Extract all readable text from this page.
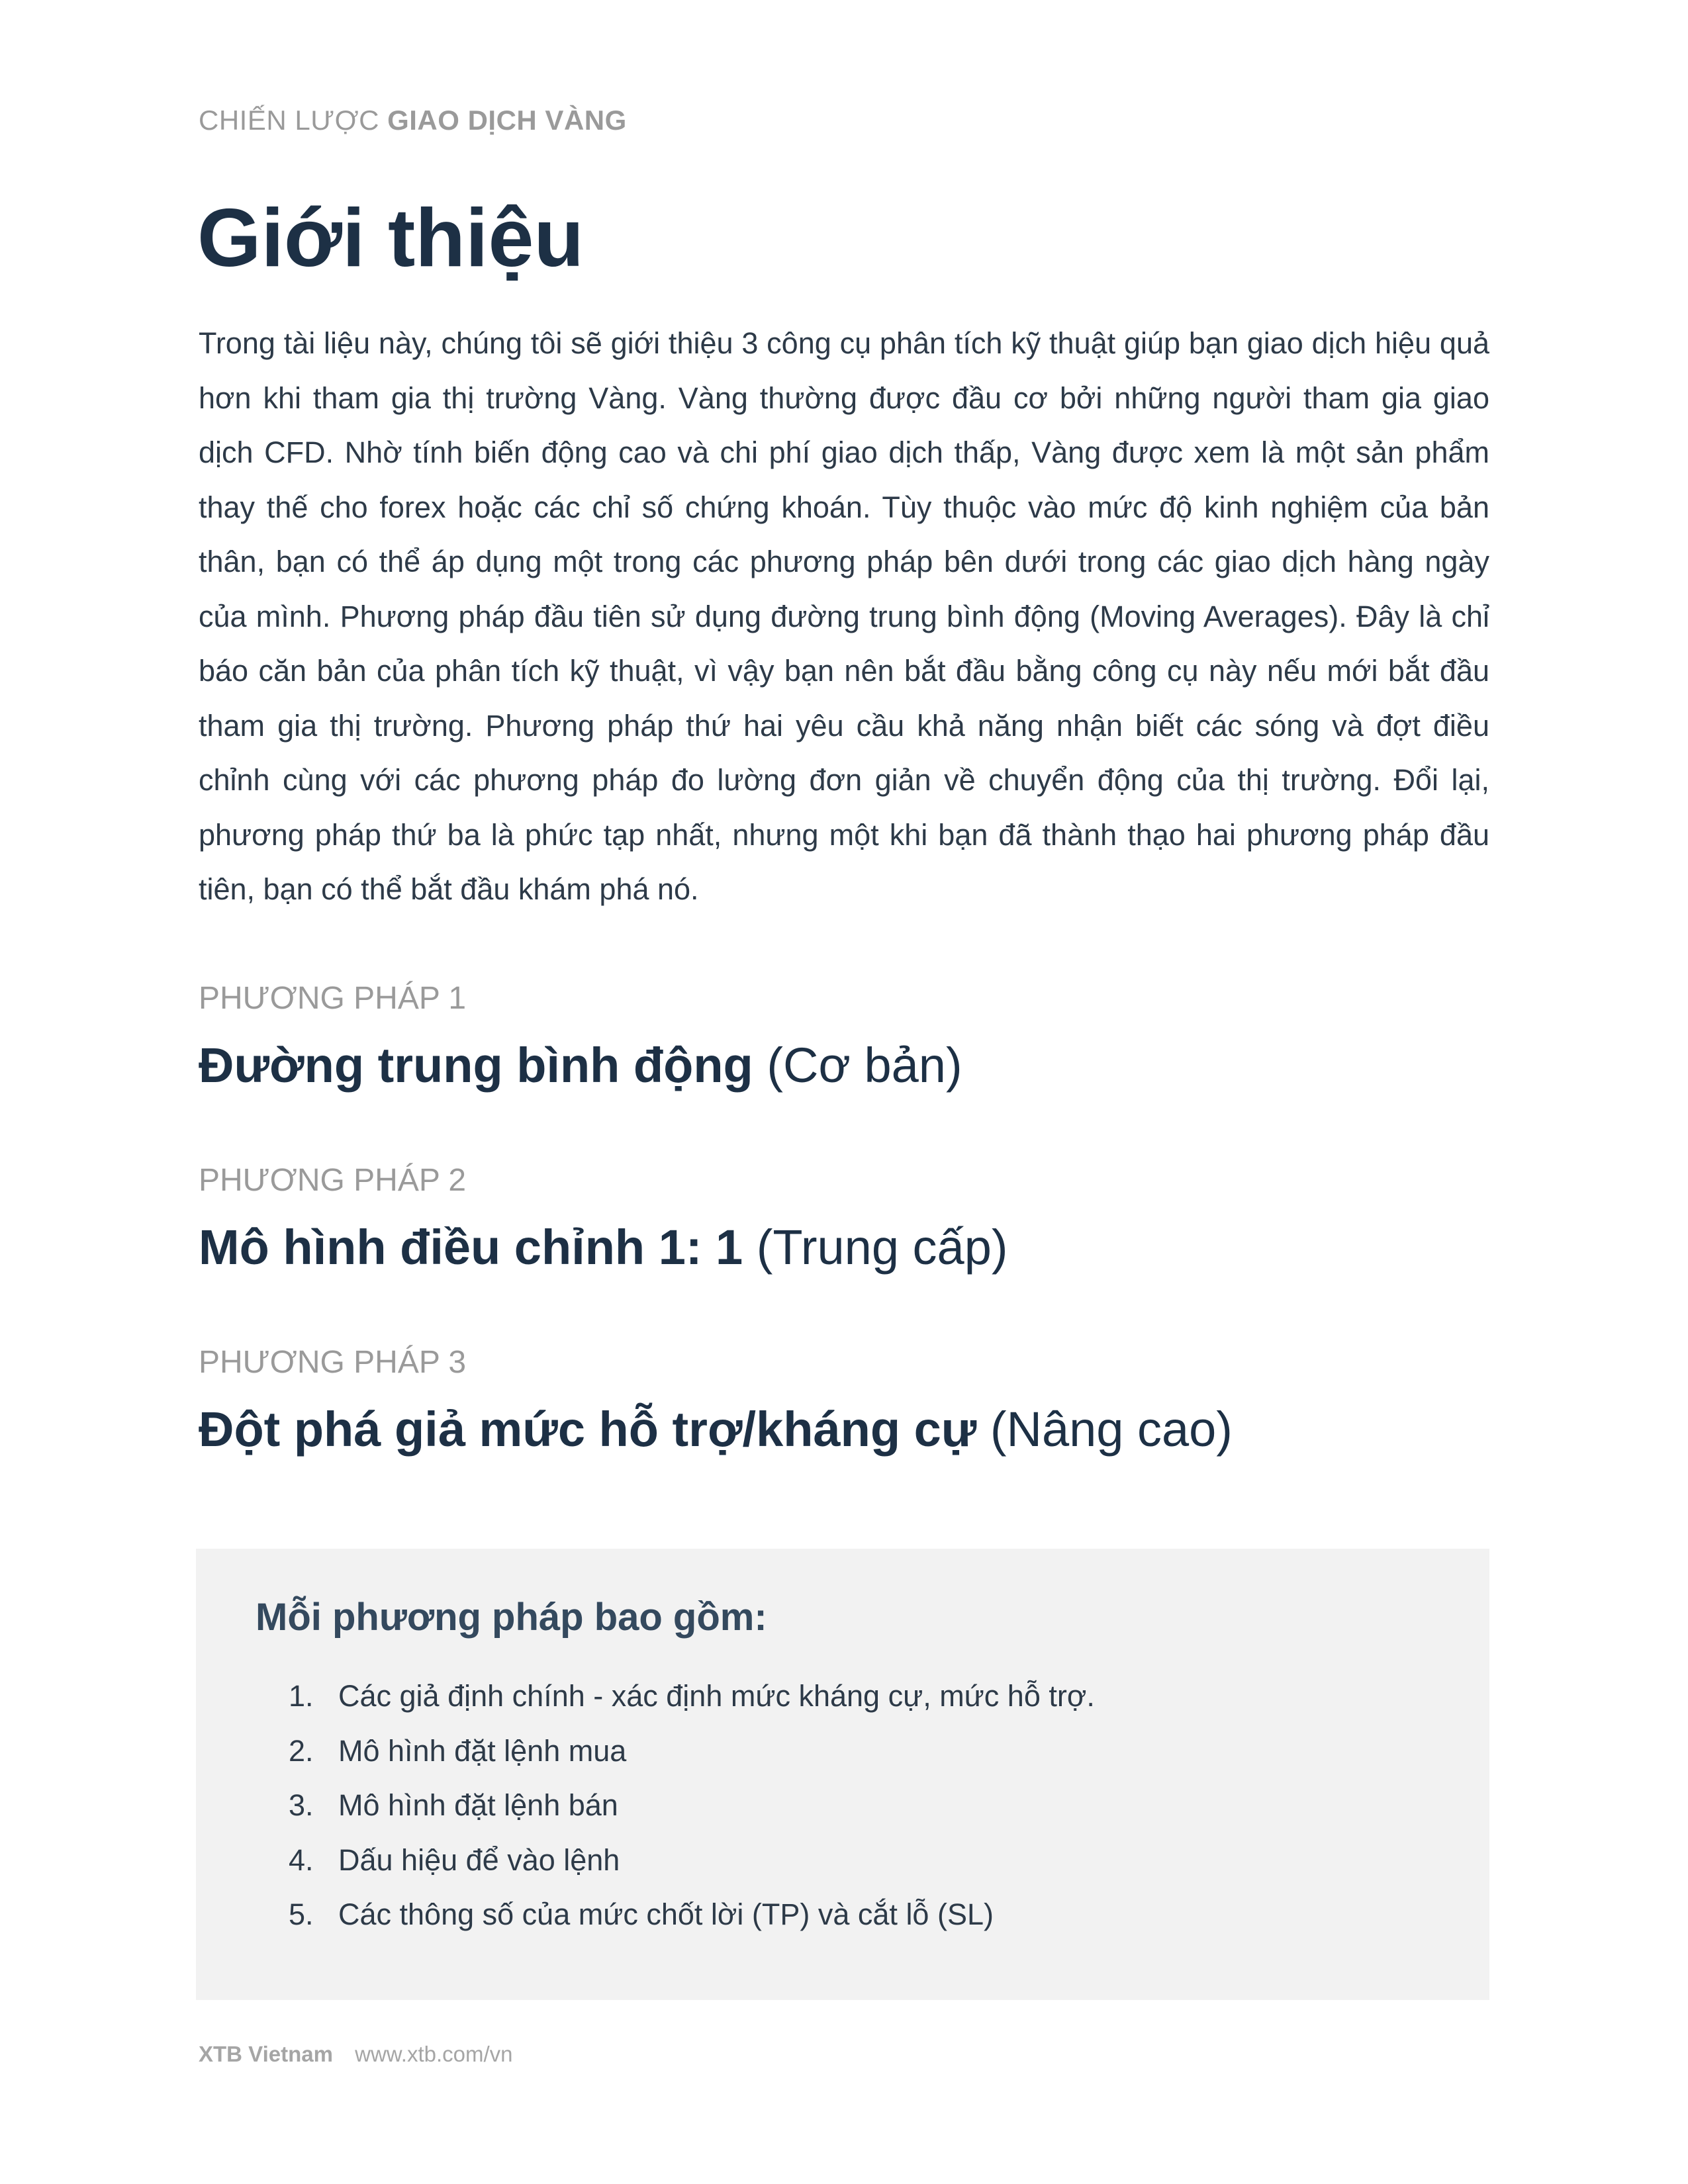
CHIẾN LƯỢC GIAO DỊCH VÀNG
Giới thiệu

Trong tài liệu này, chúng tôi sẽ giới thiệu 3 công cụ phân tích kỹ thuật giúp bạn giao dịch hiệu quả hơn khi tham gia thị trường Vàng. Vàng thường được đầu cơ bởi những người tham gia giao dịch CFD. Nhờ tính biến động cao và chi phí giao dịch thấp, Vàng được xem là một sản phẩm thay thế cho forex hoặc các chỉ số chứng khoán. Tùy thuộc vào mức độ kinh nghiệm của bản thân, bạn có thể áp dụng một trong các phương pháp bên dưới trong các giao dịch hàng ngày của mình. Phương pháp đầu tiên sử dụng đường trung bình động (Moving Averages). Đây là chỉ báo căn bản của phân tích kỹ thuật, vì vậy bạn nên bắt đầu bằng công cụ này nếu mới bắt đầu tham gia thị trường. Phương pháp thứ hai yêu cầu khả năng nhận biết các sóng và đợt điều chỉnh cùng với các phương pháp đo lường đơn giản về chuyển động của thị trường. Đổi lại, phương pháp thứ ba là phức tạp nhất, nhưng một khi bạn đã thành thạo hai phương pháp đầu tiên, bạn có thể bắt đầu khám phá nó.

PHƯƠNG PHÁP 1
Đường trung bình động (Cơ bản)
PHƯƠNG PHÁP 2
Mô hình điều chỉnh 1: 1 (Trung cấp)
PHƯƠNG PHÁP 3
Đột phá giả mức hỗ trợ/kháng cự (Nâng cao)
Mỗi phương pháp bao gồm:
1. Các giả định chính - xác định mức kháng cự, mức hỗ trợ.
2. Mô hình đặt lệnh mua
3. Mô hình đặt lệnh bán
4. Dấu hiệu để vào lệnh
5. Các thông số của mức chốt lời (TP) và cắt lỗ (SL)
XTB Vietnam www.xtb.com/vn
